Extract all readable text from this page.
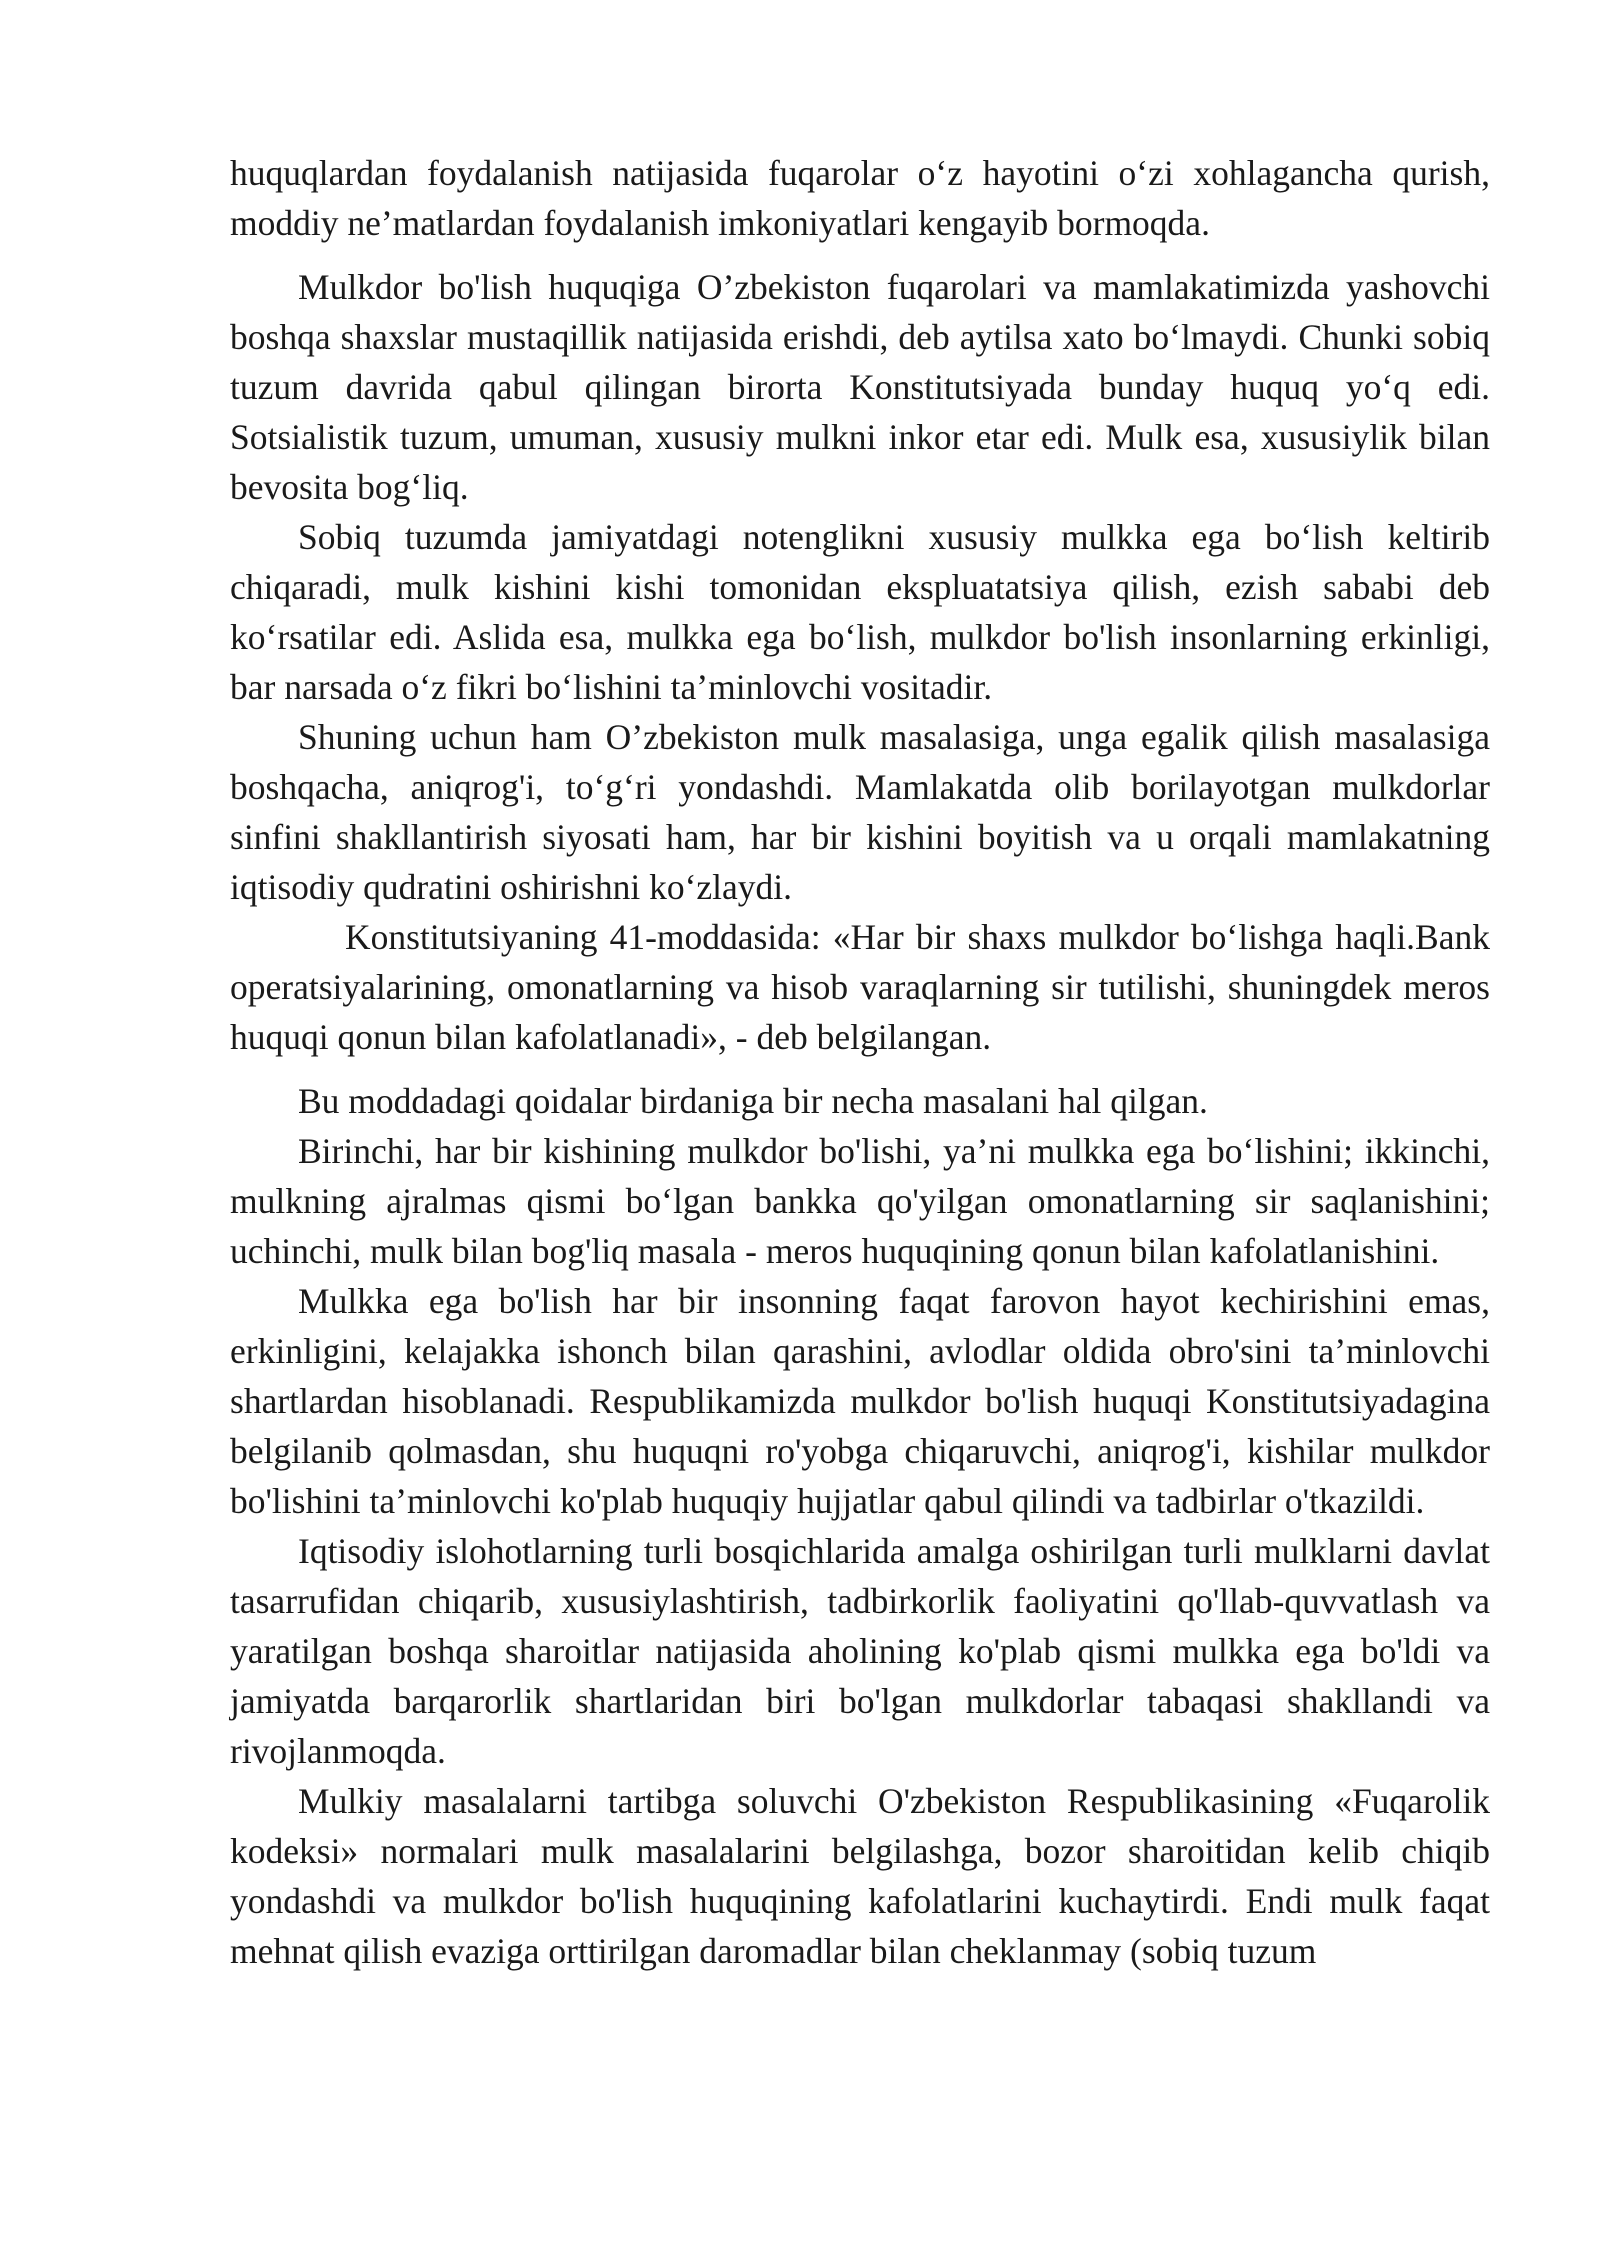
huquqlardan foydalanish natijasida fuqarolar o‘z hayotini o‘zi xohlagancha qurish, moddiy ne’matlardan foydalanish imkoniyatlari kengayib bormoqda.

Mulkdor bo'lish huquqiga O’zbekiston fuqarolari va mamlakatimizda yashovchi boshqa shaxslar mustaqillik natijasida erishdi, deb aytilsa xato bo‘lmaydi. Chunki sobiq tuzum davrida qabul qilingan birorta Konstitutsiyada bunday huquq yo‘q edi. Sotsialistik tuzum, umuman, xususiy mulkni inkor etar edi. Mulk esa, xususiylik bilan bevosita bog‘liq.

Sobiq tuzumda jamiyatdagi notenglikni xususiy mulkka ega bo‘lish keltirib chiqaradi, mulk kishini kishi tomonidan ekspluatatsiya qilish, ezish sababi deb ko‘rsatilar edi. Aslida esa, mulkka ega bo‘lish, mulkdor bo'lish insonlarning erkinligi, bar narsada o‘z fikri bo‘lishini ta’minlovchi vositadir.

Shuning uchun ham O’zbekiston mulk masalasiga, unga egalik qilish masalasiga boshqacha, aniqrog'i, to‘g‘ri yondashdi. Mamlakatda olib borilayotgan mulkdorlar sinfini shakllantirish siyosati ham, har bir kishini boyitish va u orqali mamlakatning iqtisodiy qudratini oshirishni ko‘zlaydi.

Konstitutsiyaning 41-moddasida: «Har bir shaxs mulkdor bo‘lishga haqli.Bank operatsiyalarining, omonatlarning va hisob varaqlarning sir tutilishi, shuningdek meros huquqi qonun bilan kafolatlanadi», - deb belgilangan.

Bu moddadagi qoidalar birdaniga bir necha masalani hal qilgan.

Birinchi, har bir kishining mulkdor bo'lishi, ya’ni mulkka ega bo‘lishini; ikkinchi, mulkning ajralmas qismi bo‘lgan bankka qo'yilgan omonatlarning sir saqlanishini; uchinchi, mulk bilan bog'liq masala - meros huquqining qonun bilan kafolatlanishini.

Mulkka ega bo'lish har bir insonning faqat farovon hayot kechirishini emas, erkinligini, kelajakka ishonch bilan qarashini, avlodlar oldida obro'sini ta’minlovchi shartlardan hisoblanadi. Respublikamizda mulkdor bo'lish huquqi Konstitutsiyadagina belgilanib qolmasdan, shu huquqni ro'yobga chiqaruvchi, aniqrog'i, kishilar mulkdor bo'lishini ta’minlovchi ko'plab huquqiy hujjatlar qabul qilindi va tadbirlar o'tkazildi.

Iqtisodiy islohotlarning turli bosqichlarida amalga oshirilgan turli mulklarni davlat tasarrufidan chiqarib, xususiylashtirish, tadbirkorlik faoliyatini qo'llab-quvvatlash va yaratilgan boshqa sharoitlar natijasida aholining ko'plab qismi mulkka ega bo'ldi va jamiyatda barqarorlik shartlaridan biri bo'lgan mulkdorlar tabaqasi shakllandi va rivojlanmoqda.

Mulkiy masalalarni tartibga soluvchi O'zbekiston Respublikasining «Fuqarolik kodeksi» normalari mulk masalalarini belgilashga, bozor sharoitidan kelib chiqib yondashdi va mulkdor bo'lish huquqining kafolatlarini kuchaytirdi. Endi mulk faqat mehnat qilish evaziga orttirilgan daromadlar bilan cheklanmay (sobiq tuzum
